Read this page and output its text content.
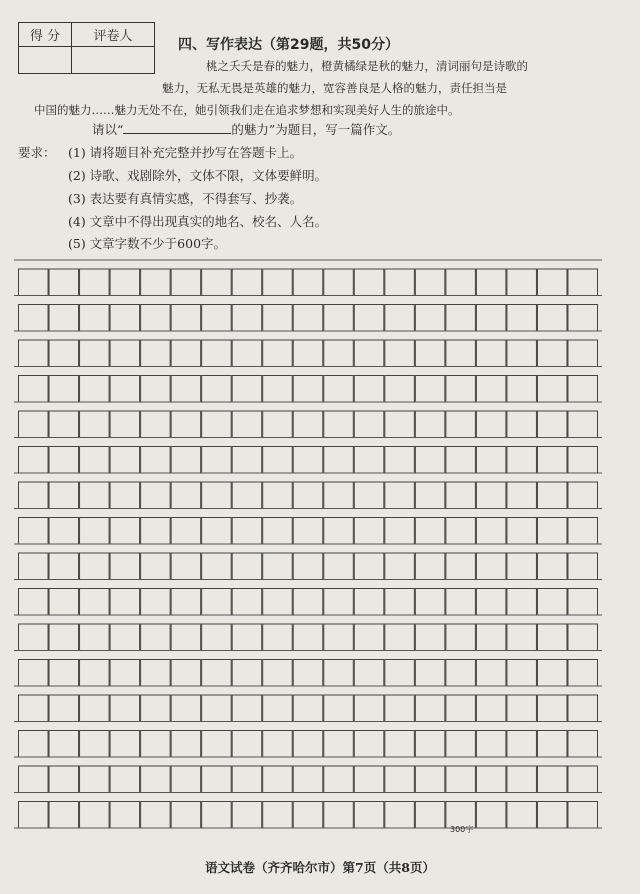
得 分	评卷人

四、写作表达（第29题，共50分）
桃之夭夭是春的魅力，橙黄橘绿是秋的魅力，清词丽句是诗歌的
魅力，无私无畏是英雄的魅力，宽容善良是人格的魅力，责任担当是
中国的魅力……魅力无处不在，她引领我们走在追求梦想和实现美好人生的旅途中。
请以“	的魅力”为题目，写一篇作文。
要求： (1) 请将题目补充完整并抄写在答题卡上。
(2) 诗歌、戏剧除外，文体不限，文体要鲜明。
(3) 表达要有真情实感，不得套写、抄袭。
(4) 文章中不得出现真实的地名、校名、人名。
(5) 文章字数不少于600字。
300字
语文试卷（齐齐哈尔市）第7页（共8页）
